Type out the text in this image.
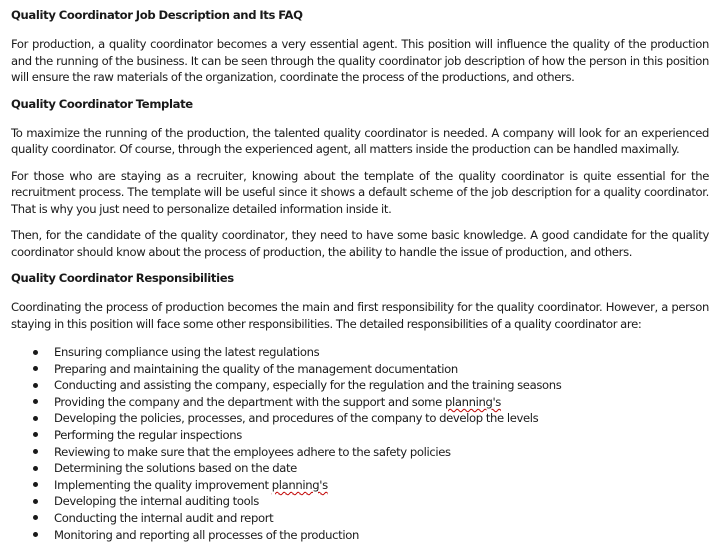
Quality Coordinator Job Description and Its FAQ

For production, a quality coordinator becomes a very essential agent. This position will influence the quality of the production and the running of the business. It can be seen through the quality coordinator job description of how the person in this position will ensure the raw materials of the organization, coordinate the process of the productions, and others.

Quality Coordinator Template

To maximize the running of the production, the talented quality coordinator is needed. A company will look for an experienced quality coordinator. Of course, through the experienced agent, all matters inside the production can be handled maximally.

For those who are staying as a recruiter, knowing about the template of the quality coordinator is quite essential for the recruitment process. The template will be useful since it shows a default scheme of the job description for a quality coordinator. That is why you just need to personalize detailed information inside it.

Then, for the candidate of the quality coordinator, they need to have some basic knowledge. A good candidate for the quality coordinator should know about the process of production, the ability to handle the issue of production, and others.

Quality Coordinator Responsibilities

Coordinating the process of production becomes the main and first responsibility for the quality coordinator. However, a person staying in this position will face some other responsibilities. The detailed responsibilities of a quality coordinator are:

Ensuring compliance using the latest regulations
Preparing and maintaining the quality of the management documentation
Conducting and assisting the company, especially for the regulation and the training seasons
Providing the company and the department with the support and some planning's
Developing the policies, processes, and procedures of the company to develop the levels
Performing the regular inspections
Reviewing to make sure that the employees adhere to the safety policies
Determining the solutions based on the date
Implementing the quality improvement planning's
Developing the internal auditing tools
Conducting the internal audit and report
Monitoring and reporting all processes of the production
